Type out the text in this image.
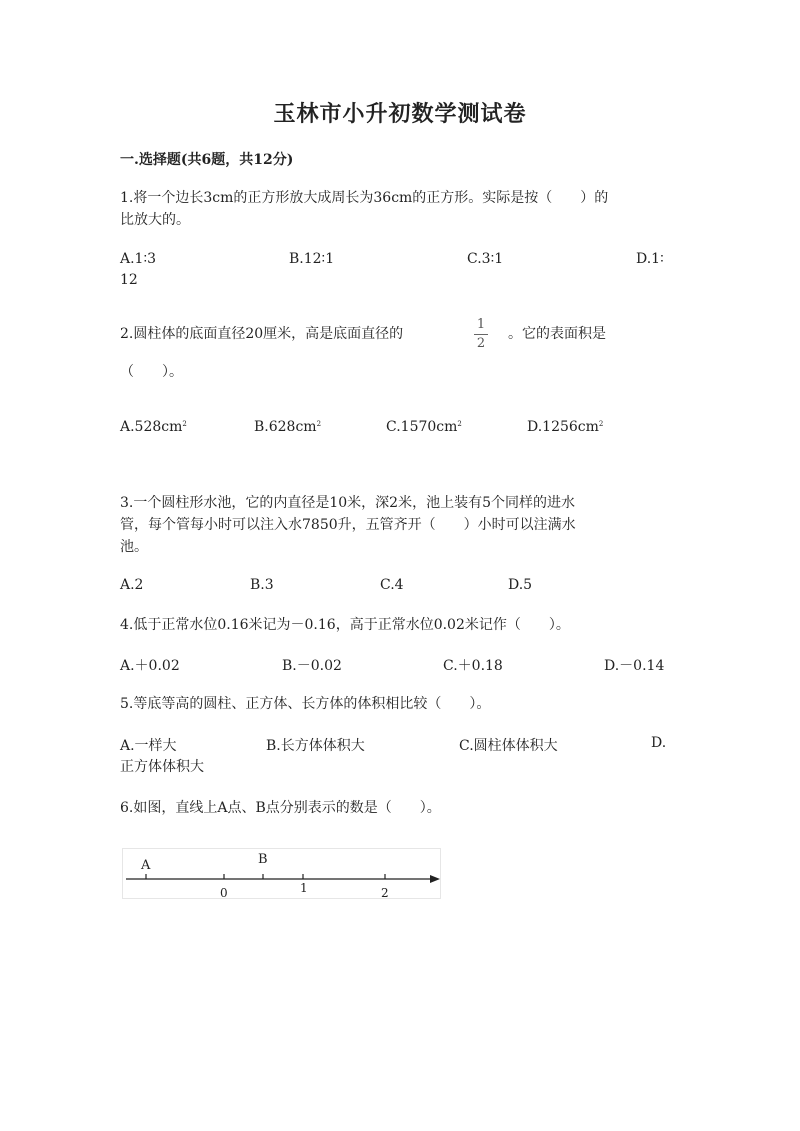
玉林市小升初数学测试卷
一.选择题(共6题，共12分)
1.将一个边长3cm的正方形放大成周长为36cm的正方形。实际是按（　　）的
比放大的。
A.1∶3	B.12∶1	C.3∶1	D.1∶
12
2.圆柱体的底面直径20厘米，高是底面直径的
1
2
。它的表面积是
（　　）。
$A.528cm^2$	$B.628cm^2$	$C.1570cm^2$	$D.1256cm^2$
3.一个圆柱形水池，它的内直径是10米，深2米，池上装有5个同样的进水
管，每个管每小时可以注入水7850升，五管齐开（　　）小时可以注满水
池。
A.2	B.3	C.4	D.5
4.低于正常水位0.16米记为－0.16，高于正常水位0.02米记作（　　）。
A.＋0.02	B.－0.02	C.＋0.18	D.－0.14
5.等底等高的圆柱、正方体、长方体的体积相比较（　　）。
A.一样大	B.长方体体积大	C.圆柱体体积大	D.
正方体体积大
6.如图，直线上A点、B点分别表示的数是（　　）。
A	B
0	1	2
